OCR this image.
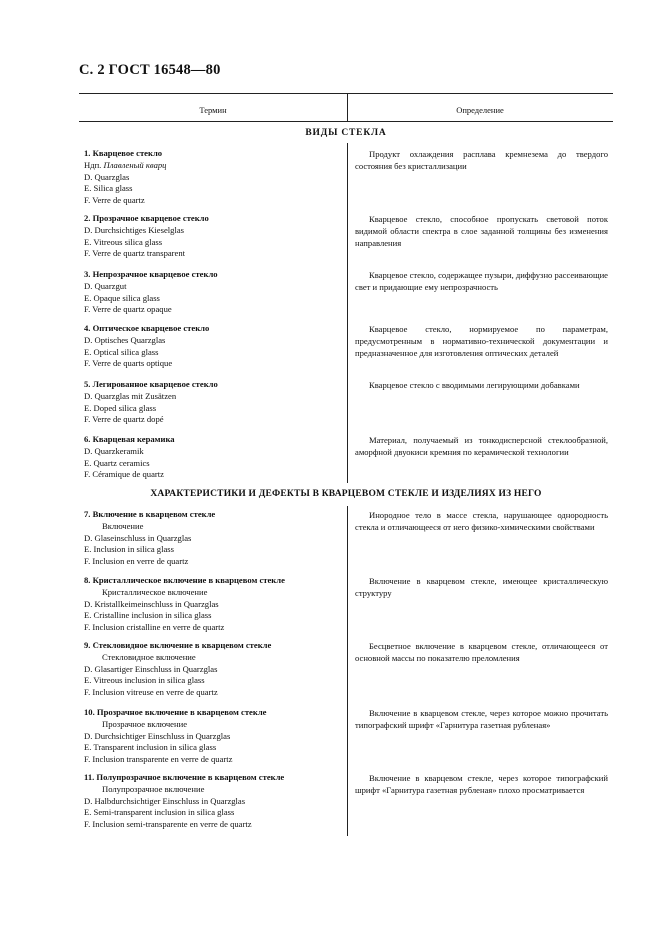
С. 2 ГОСТ 16548—80
Термин	Определение
ВИДЫ СТЕКЛА
1. Кварцевое стекло
Ндп. Плавленый кварц
D. Quarzglas
E. Silica glass
F. Verre de quartz
Продукт охлаждения расплава кремнезема до твердого состояния без кристаллизации
2. Прозрачное кварцевое стекло
D. Durchsichtiges Kieselglas
E. Vitreous silica glass
F. Verre de quartz transparent
Кварцевое стекло, способное пропускать световой поток видимой области спектра в слое заданной толщины без изменения направления
3. Непрозрачное кварцевое стекло
D. Quarzgut
E. Opaque silica glass
F. Verre de quartz opaque
Кварцевое стекло, содержащее пузыри, диффузно рассеивающие свет и придающие ему непрозрачность
4. Оптическое кварцевое стекло
D. Optisches Quarzglas
E. Optical silica glass
F. Verre de quarts optique
Кварцевое стекло, нормируемое по параметрам, предусмотренным в нормативно-технической документации и предназначенное для изготовления оптических деталей
5. Легированное кварцевое стекло
D. Quarzglas mit Zusätzen
E. Doped silica glass
F. Verre de quartz dopé
Кварцевое стекло с вводимыми легирующими добавками
6. Кварцевая керамика
D. Quarzkeramik
E. Quartz ceramics
F. Céramique de quartz
Материал, получаемый из тонкодисперсной стеклообразной, аморфной двуокиси кремния по керамической технологии
ХАРАКТЕРИСТИКИ И ДЕФЕКТЫ В КВАРЦЕВОМ СТЕКЛЕ И ИЗДЕЛИЯХ ИЗ НЕГО
7. Включение в кварцевом стекле
Включение
D. Glaseinschluss in Quarzglas
E. Inclusion in silica glass
F. Inclusion en verre de quartz
Инородное тело в массе стекла, нарушающее однородность стекла и отличающееся от него физико-химическими свойствами
8. Кристаллическое включение в кварцевом стекле
Кристаллическое включение
D. Kristallkeimeinschluss in Quarzglas
E. Cristalline inclusion in silica glass
F. Inclusion cristalline en verre de quartz
Включение в кварцевом стекле, имеющее кристаллическую структуру
9. Стекловидное включение в кварцевом стекле
Стекловидное включение
D. Glasartiger Einschluss in Quarzglas
E. Vitreous inclusion in silica glass
F. Inclusion vitreuse en verre de quartz
Бесцветное включение в кварцевом стекле, отличающееся от основной массы по показателю преломления
10. Прозрачное включение в кварцевом стекле
Прозрачное включение
D. Durchsichtiger Einschluss in Quarzglas
E. Transparent inclusion in silica glass
F. Inclusion transparente en verre de quartz
Включение в кварцевом стекле, через которое можно прочитать типографский шрифт «Гарнитура газетная рубленая»
11. Полупрозрачное включение в кварцевом стекле
Полупрозрачное включение
D. Halbdurchsichtiger Einschluss in Quarzglas
E. Semi-transparent inclusion in silica glass
F. Inclusion semi-transparente en verre de quartz
Включение в кварцевом стекле, через которое типографский шрифт «Гарнитура газетная рубленая» плохо просматривается
